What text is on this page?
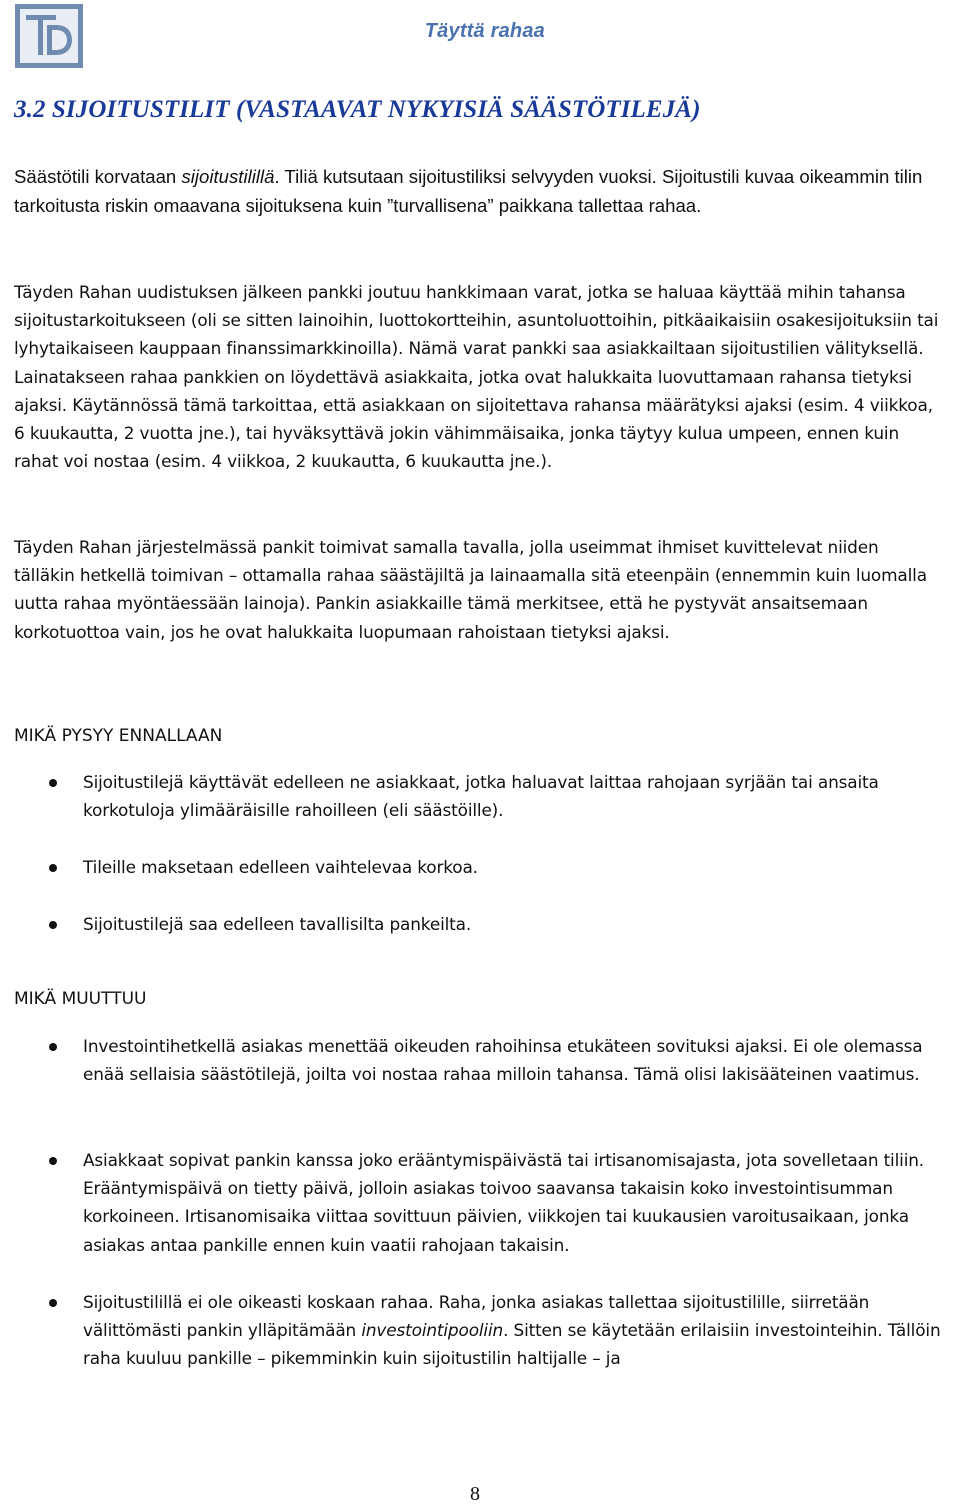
Täyttä rahaa
3.2 SIJOITUSTILIT (VASTAAVAT NYKYISIÄ SÄÄSTÖTILEJÄ)

Säästötili korvataan sijoitustilillä. Tiliä kutsutaan sijoitustiliksi selvyyden vuoksi. Sijoitustili kuvaa oikeammin tilin tarkoitusta riskin omaavana sijoituksena kuin ”turvallisena” paikkana tallettaa rahaa.

Täyden Rahan uudistuksen jälkeen pankki joutuu hankkimaan varat, jotka se haluaa käyttää mihin tahansa sijoitustarkoitukseen (oli se sitten lainoihin, luottokortteihin, asuntoluottoihin, pitkäaikaisiin osakesijoituksiin tai lyhytaikaiseen kauppaan finanssimarkkinoilla). Nämä varat pankki saa asiakkailtaan sijoitustilien välityksellä. Lainatakseen rahaa pankkien on löydettävä asiakkaita, jotka ovat halukkaita luovuttamaan rahansa tietyksi ajaksi. Käytännössä tämä tarkoittaa, että asiakkaan on sijoitettava rahansa määrätyksi ajaksi (esim. 4 viikkoa, 6 kuukautta, 2 vuotta jne.), tai hyväksyttävä jokin vähimmäisaika, jonka täytyy kulua umpeen, ennen kuin rahat voi nostaa (esim. 4 viikkoa, 2 kuukautta, 6 kuukautta jne.).

Täyden Rahan järjestelmässä pankit toimivat samalla tavalla, jolla useimmat ihmiset kuvittelevat niiden tälläkin hetkellä toimivan – ottamalla rahaa säästäjiltä ja lainaamalla sitä eteenpäin (ennemmin kuin luomalla uutta rahaa myöntäessään lainoja). Pankin asiakkaille tämä merkitsee, että he pystyvät ansaitsemaan korkotuottoa vain, jos he ovat halukkaita luopumaan rahoistaan tietyksi ajaksi.

MIKÄ PYSYY ENNALLAAN
Sijoitustilejä käyttävät edelleen ne asiakkaat, jotka haluavat laittaa rahojaan syrjään tai ansaita korkotuloja ylimääräisille rahoilleen (eli säästöille).
Tileille maksetaan edelleen vaihtelevaa korkoa.
Sijoitustilejä saa edelleen tavallisilta pankeilta.
MIKÄ MUUTTUU
Investointihetkellä asiakas menettää oikeuden rahoihinsa etukäteen sovituksi ajaksi. Ei ole olemassa enää sellaisia säästötilejä, joilta voi nostaa rahaa milloin tahansa. Tämä olisi lakisääteinen vaatimus.
Asiakkaat sopivat pankin kanssa joko erääntymispäivästä tai irtisanomisajasta, jota sovelletaan tiliin. Erääntymispäivä on tietty päivä, jolloin asiakas toivoo saavansa takaisin koko investointisumman korkoineen. Irtisanomisaika viittaa sovittuun päivien, viikkojen tai kuukausien varoitusaikaan, jonka asiakas antaa pankille ennen kuin vaatii rahojaan takaisin.
Sijoitustilillä ei ole oikeasti koskaan rahaa. Raha, jonka asiakas tallettaa sijoitustilille, siirretään välittömästi pankin ylläpitämään investointipooliin. Sitten se käytetään erilaisiin investointeihin. Tällöin raha kuuluu pankille – pikemminkin kuin sijoitustilin haltijalle – ja
8
